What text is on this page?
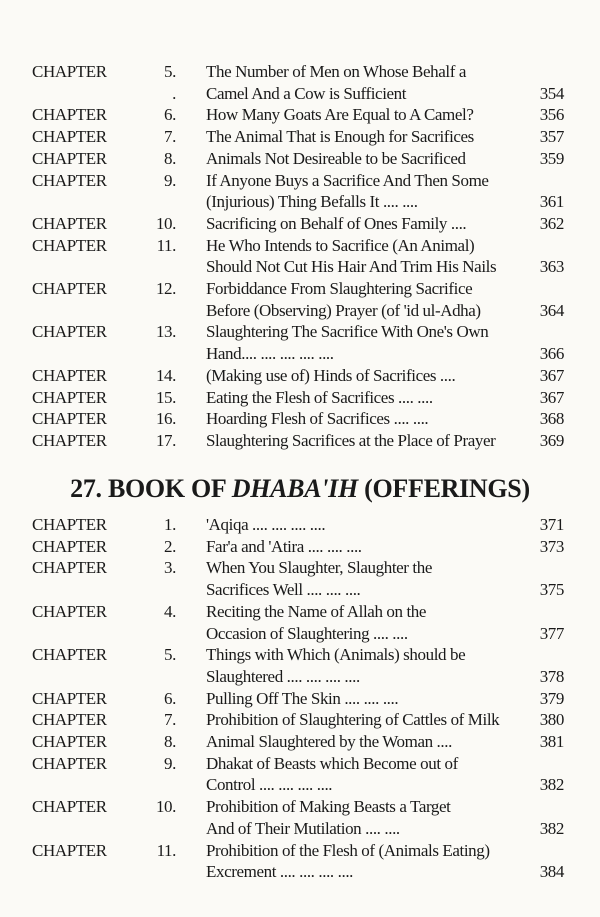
CHAPTER	5. The Number of Men on Whose Behalf a
. Camel And a Cow is Sufficient	354
CHAPTER	6. How Many Goats Are Equal to A Camel?	356
CHAPTER	7. The Animal That is Enough for Sacrifices	357
CHAPTER	8. Animals Not Desireable to be Sacrificed	359
CHAPTER	9. If Anyone Buys a Sacrifice And Then Some
(Injurious) Thing Befalls It .... ....	361
CHAPTER	10. Sacrificing on Behalf of Ones Family ....	362
CHAPTER	11. He Who Intends to Sacrifice (An Animal)
Should Not Cut His Hair And Trim His Nails	363
CHAPTER	12. Forbiddance From Slaughtering Sacrifice
Before (Observing) Prayer (of 'id ul-Adha)	364
CHAPTER	13. Slaughtering The Sacrifice With One's Own
Hand.... .... .... .... ....	366
CHAPTER	14. (Making use of) Hinds of Sacrifices ....	367
CHAPTER	15. Eating the Flesh of Sacrifices .... ....	367
CHAPTER	16. Hoarding Flesh of Sacrifices .... ....	368
CHAPTER	17. Slaughtering Sacrifices at the Place of Prayer	369
27. BOOK OF DHABA'IH (OFFERINGS)
CHAPTER	1. 'Aqiqa .... .... .... ....	371
CHAPTER	2. Far'a and 'Atira .... .... ....	373
CHAPTER	3. When You Slaughter, Slaughter the
Sacrifices Well .... .... ....	375
CHAPTER	4. Reciting the Name of Allah on the
Occasion of Slaughtering .... ....	377
CHAPTER	5. Things with Which (Animals) should be
Slaughtered .... .... .... ....	378
CHAPTER	6. Pulling Off The Skin .... .... ....	379
CHAPTER	7. Prohibition of Slaughtering of Cattles of Milk 380
CHAPTER	8. Animal Slaughtered by the Woman ....	381
CHAPTER	9. Dhakat of Beasts which Become out of
Control .... .... .... ....	382
CHAPTER	10. Prohibition of Making Beasts a Target
And of Their Mutilation .... ....	382
CHAPTER	11. Prohibition of the Flesh of (Animals Eating)
Excrement .... .... .... ....	384
